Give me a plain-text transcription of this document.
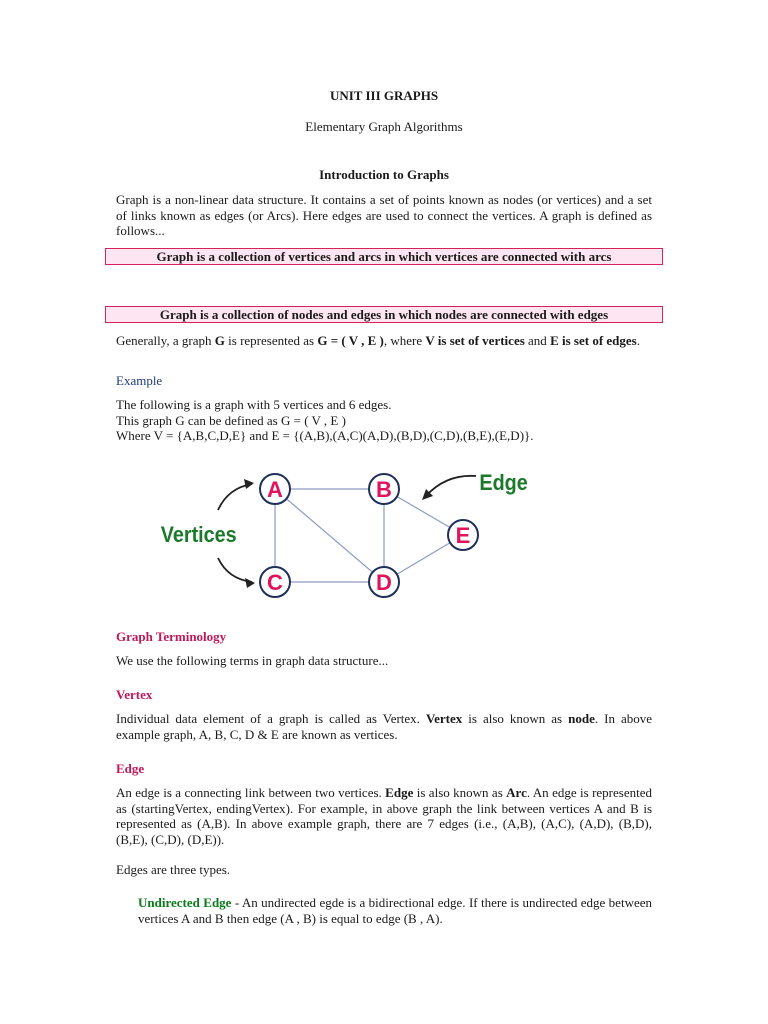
UNIT III GRAPHS
Elementary Graph Algorithms
Introduction to Graphs
Graph is a non-linear data structure. It contains a set of points known as nodes (or vertices) and a set of links known as edges (or Arcs). Here edges are used to connect the vertices. A graph is defined as follows...
Graph is a collection of vertices and arcs in which vertices are connected with arcs
Graph is a collection of nodes and edges in which nodes are connected with edges
Generally, a graph G is represented as G = ( V , E ), where V is set of vertices and E is set of edges.
Example
The following is a graph with 5 vertices and 6 edges.
This graph G can be defined as G = ( V , E )
Where V = {A,B,C,D,E} and E = {(A,B),(A,C)(A,D),(B,D),(C,D),(B,E),(E,D)}.
A	B
C	D
E
Vertices
Edge
Graph Terminology
We use the following terms in graph data structure...
Vertex
Individual data element of a graph is called as Vertex. Vertex is also known as node. In above example graph, A, B, C, D & E are known as vertices.
Edge
An edge is a connecting link between two vertices. Edge is also known as Arc. An edge is represented as (startingVertex, endingVertex). For example, in above graph the link between vertices A and B is represented as (A,B). In above example graph, there are 7 edges (i.e., (A,B), (A,C), (A,D), (B,D), (B,E), (C,D), (D,E)).
Edges are three types.
Undirected Edge - An undirected egde is a bidirectional edge. If there is undirected edge between vertices A and B then edge (A , B) is equal to edge (B , A).
